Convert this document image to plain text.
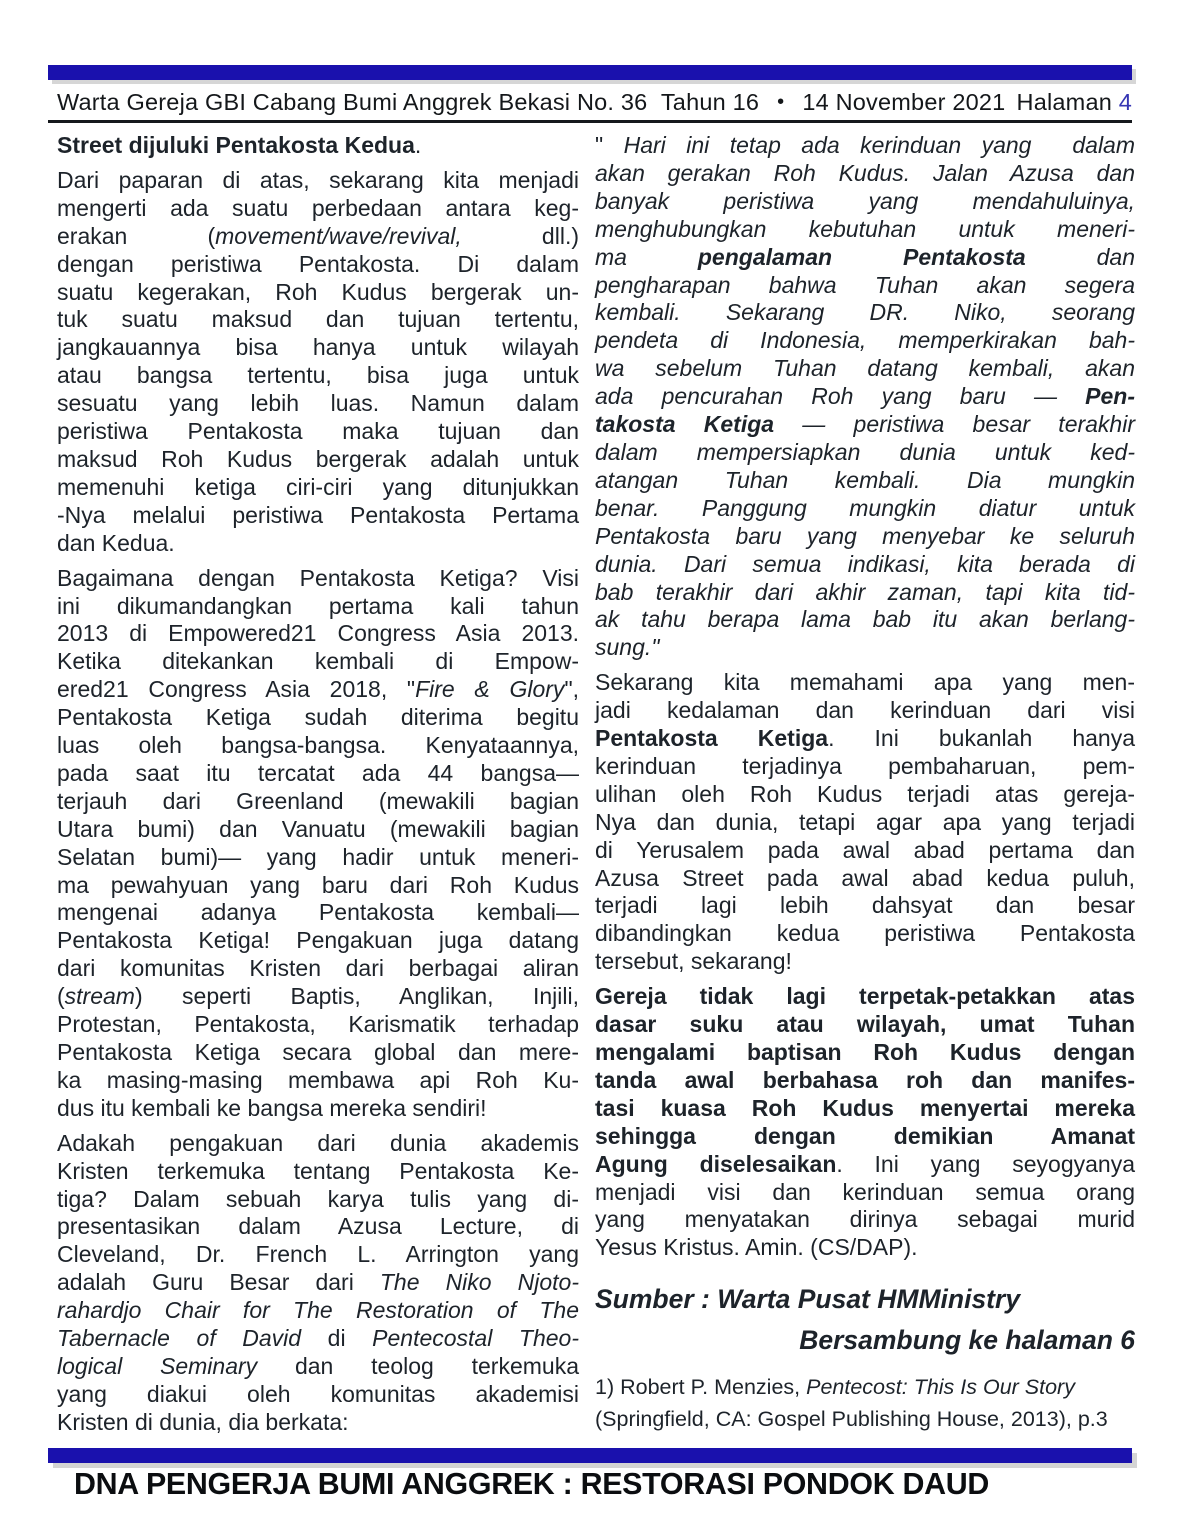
Warta Gereja GBI Cabang Bumi Anggrek Bekasi No. 36  Tahun 16 • 14 November 2021 Halaman 4
Street dijuluki Pentakosta Kedua.
Dari paparan di atas, sekarang kita menjadi
mengerti ada suatu perbedaan antara keg-
erakan (movement/wave/revival, dll.)
dengan peristiwa Pentakosta. Di dalam
suatu kegerakan, Roh Kudus bergerak un-
tuk suatu maksud dan tujuan tertentu,
jangkauannya bisa hanya untuk wilayah
atau bangsa tertentu, bisa juga untuk
sesuatu yang lebih luas. Namun dalam
peristiwa Pentakosta maka tujuan dan
maksud Roh Kudus bergerak adalah untuk
memenuhi ketiga ciri-ciri yang ditunjukkan
-Nya melalui peristiwa Pentakosta Pertama
dan Kedua.
Bagaimana dengan Pentakosta Ketiga? Visi
ini dikumandangkan pertama kali tahun
2013 di Empowered21 Congress Asia 2013.
Ketika ditekankan kembali di Empow-
ered21 Congress Asia 2018, "Fire & Glory",
Pentakosta Ketiga sudah diterima begitu
luas oleh bangsa-bangsa. Kenyataannya,
pada saat itu tercatat ada 44 bangsa—
terjauh dari Greenland (mewakili bagian
Utara bumi) dan Vanuatu (mewakili bagian
Selatan bumi)— yang hadir untuk meneri-
ma pewahyuan yang baru dari Roh Kudus
mengenai adanya Pentakosta kembali—
Pentakosta Ketiga! Pengakuan juga datang
dari komunitas Kristen dari berbagai aliran
(stream) seperti Baptis, Anglikan, Injili,
Protestan, Pentakosta, Karismatik terhadap
Pentakosta Ketiga secara global dan mere-
ka masing-masing membawa api Roh Ku-
dus itu kembali ke bangsa mereka sendiri!
Adakah pengakuan dari dunia akademis
Kristen terkemuka tentang Pentakosta Ke-
tiga? Dalam sebuah karya tulis yang di-
presentasikan dalam Azusa Lecture, di
Cleveland, Dr. French L. Arrington yang
adalah Guru Besar dari The Niko Njoto-
rahardjo Chair for The Restoration of The
Tabernacle of David di Pentecostal Theo-
logical Seminary dan teolog terkemuka
yang diakui oleh komunitas akademisi
Kristen di dunia, dia berkata:
" Hari ini tetap ada kerinduan yang  dalam
akan gerakan Roh Kudus. Jalan Azusa dan
banyak peristiwa yang mendahuluinya,
menghubungkan kebutuhan untuk meneri-
ma pengalaman Pentakosta dan
pengharapan bahwa Tuhan akan segera
kembali. Sekarang DR. Niko, seorang
pendeta di Indonesia, memperkirakan bah-
wa sebelum Tuhan datang kembali, akan
ada pencurahan Roh yang baru — Pen-
takosta Ketiga — peristiwa besar terakhir
dalam mempersiapkan dunia untuk ked-
atangan Tuhan kembali. Dia mungkin
benar. Panggung mungkin diatur untuk
Pentakosta baru yang menyebar ke seluruh
dunia. Dari semua indikasi, kita berada di
bab terakhir dari akhir zaman, tapi kita tid-
ak tahu berapa lama bab itu akan berlang-
sung."
Sekarang kita memahami apa yang men-
jadi kedalaman dan kerinduan dari visi
Pentakosta Ketiga. Ini bukanlah hanya
kerinduan terjadinya pembaharuan, pem-
ulihan oleh Roh Kudus terjadi atas gereja-
Nya dan dunia, tetapi agar apa yang terjadi
di Yerusalem pada awal abad pertama dan
Azusa Street pada awal abad kedua puluh,
terjadi lagi lebih dahsyat dan besar
dibandingkan kedua peristiwa Pentakosta
tersebut, sekarang!
Gereja tidak lagi terpetak-petakkan atas
dasar suku atau wilayah, umat Tuhan
mengalami baptisan Roh Kudus dengan
tanda awal berbahasa roh dan manifes-
tasi kuasa Roh Kudus menyertai mereka
sehingga dengan demikian Amanat
Agung diselesaikan. Ini yang seyogyanya
menjadi visi dan kerinduan semua orang
yang menyatakan dirinya sebagai murid
Yesus Kristus. Amin. (CS/DAP).
Sumber : Warta Pusat HMMinistry
Bersambung ke halaman 6
1) Robert P. Menzies, Pentecost: This Is Our Story
(Springfield, CA: Gospel Publishing House, 2013), p.3
DNA PENGERJA BUMI ANGGREK : RESTORASI PONDOK DAUD
